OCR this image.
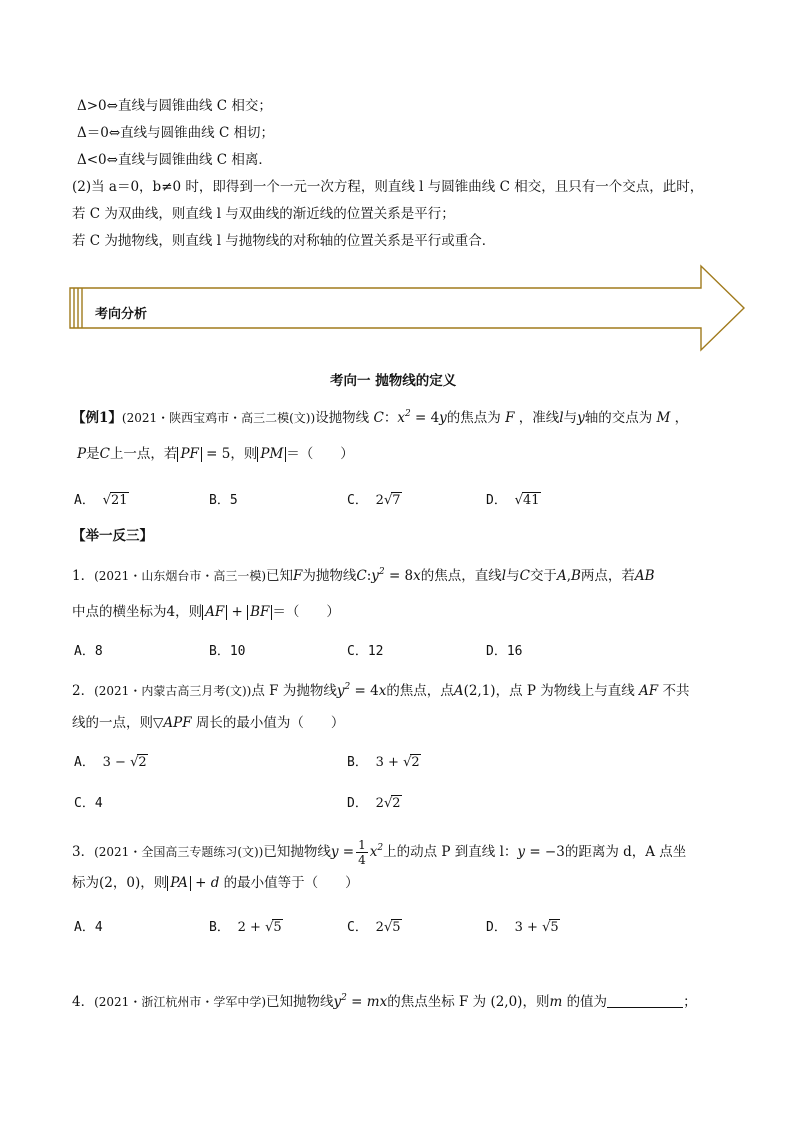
Δ>0⇔直线与圆锥曲线 C 相交；
Δ＝0⇔直线与圆锥曲线 C 相切；
Δ<0⇔直线与圆锥曲线 C 相离．
(2)当 a＝0，b≠0 时，即得到一个一元一次方程，则直线 l 与圆锥曲线 C 相交，且只有一个交点，此时，
若 C 为双曲线，则直线 l 与双曲线的渐近线的位置关系是平行；
若 C 为抛物线，则直线 l 与抛物线的对称轴的位置关系是平行或重合．
考向分析
考向一 抛物线的定义
【例1】(2021・陕西宝鸡市・高三二模(文))设抛物线 C：$x^2 = 4y$的焦点为 F ，准线l与y轴的交点为 M ，
P是C上一点，若 PF = 5，则 PM ＝（　　）
A． √21	B．5	C． 2√7	D． √41
【举一反三】
1．(2021・山东烟台市・高三一模)已知F为抛物线$C:y^2 = 8x$的焦点，直线l与C交于A,B两点，若AB
中点的横坐标为4，则 AF + BF ＝（　　）
A．8	B．10	C．12	D．16
2．(2021・内蒙古高三月考(文))点 F 为抛物线$y^2 = 4x$的焦点，点A(2,1)，点 P 为物线上与直线 AF 不共
线的一点，则▽APF 周长的最小值为（　　）
A． 3 − √2	B． 3 + √2
C．4	D． 2√2
3．(2021・全国高三专题练习(文))已知抛物线$y = \frac{1}{4} x^2$上的动点 P 到直线 l：y = −3的距离为 d，A 点坐
标为(2，0)，则 PA + d 的最小值等于（　　）
A．4	B． 2 + √5	C． 2√5	D． 3 + √5
4．(2021・浙江杭州市・学军中学)已知抛物线$y^2$ = mx的焦点坐标 F 为 (2,0)，则m 的值为	；
